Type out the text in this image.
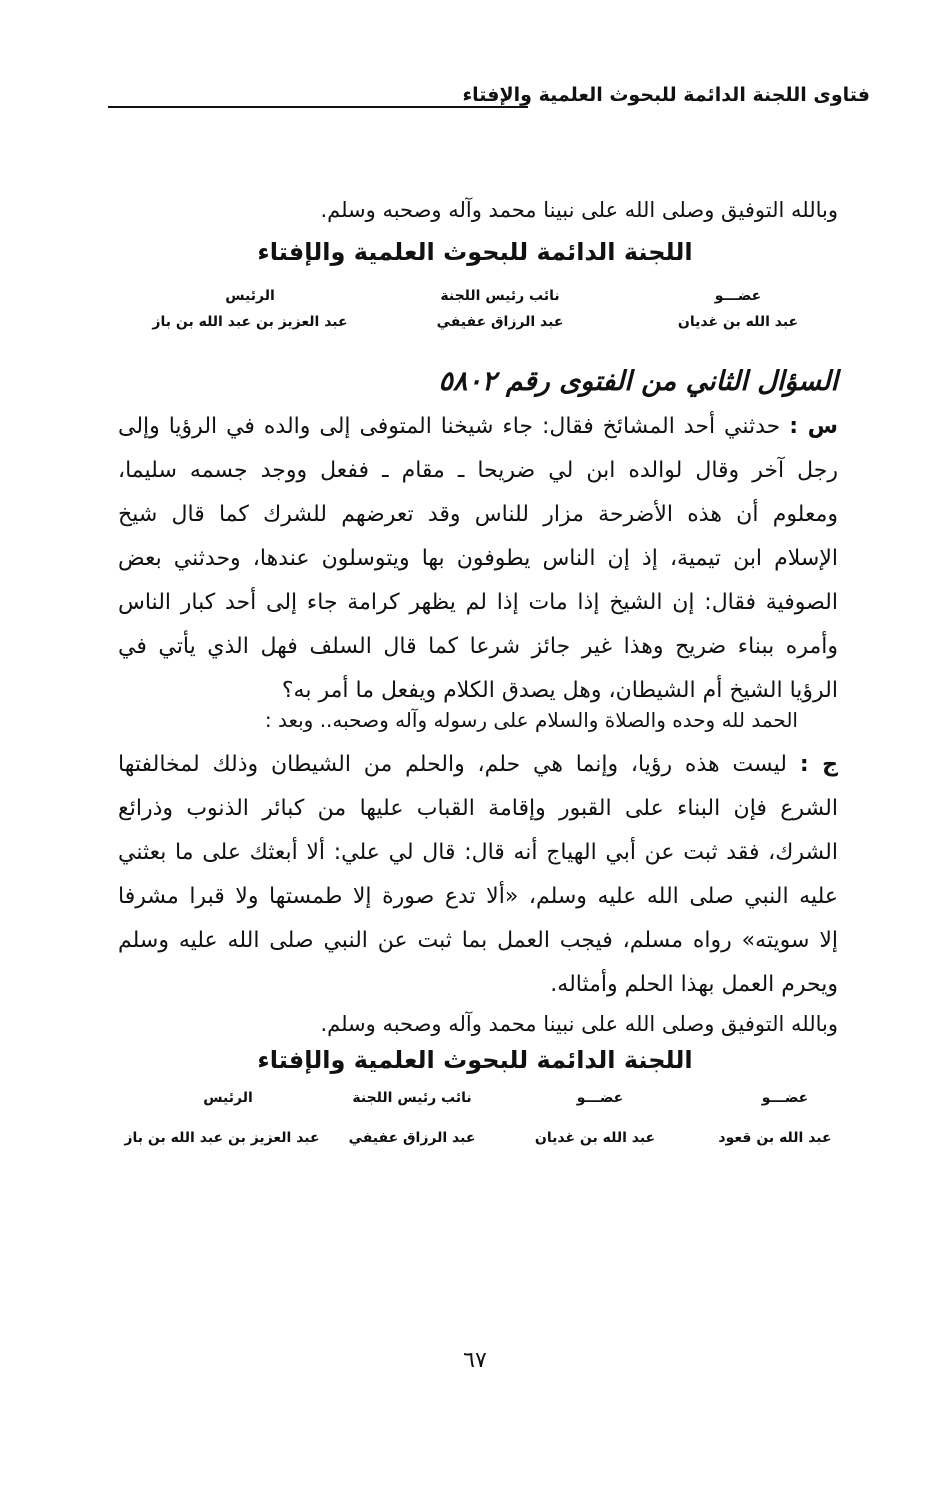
فتاوى اللجنة الدائمة للبحوث العلمية والإفتاء
وبالله التوفيق وصلى الله على نبينا محمد وآله وصحبه وسلم.
اللجنة الدائمة للبحوث العلمية والإفتاء
عضـــو
عبد الله بن غديان
نائب رئيس اللجنة
عبد الرزاق عفيفي
الرئيس
عبد العزيز بن عبد الله بن باز
السؤال الثاني من الفتوى رقم ٥٨٠٢
س : حدثني أحد المشائخ فقال: جاء شيخنا المتوفى إلى والده في الرؤيا وإلى
رجل آخر وقال لوالده ابن لي ضريحا ـ مقام ـ ففعل ووجد جسمه سليما،
ومعلوم أن هذه الأضرحة مزار للناس وقد تعرضهم للشرك كما قال شيخ
الإسلام ابن تيمية، إذ إن الناس يطوفون بها ويتوسلون عندها، وحدثني بعض
الصوفية فقال: إن الشيخ إذا مات إذا لم يظهر كرامة جاء إلى أحد كبار الناس
وأمره ببناء ضريح وهذا غير جائز شرعا كما قال السلف فهل الذي يأتي في
الرؤيا الشيخ أم الشيطان، وهل يصدق الكلام ويفعل ما أمر به؟
الحمد لله وحده والصلاة والسلام على رسوله وآله وصحبه.. وبعد :
ج : ليست هذه رؤيا، وإنما هي حلم، والحلم من الشيطان وذلك لمخالفتها
الشرع فإن البناء على القبور وإقامة القباب عليها من كبائر الذنوب وذرائع
الشرك، فقد ثبت عن أبي الهياج أنه قال: قال لي علي: ألا أبعثك على ما بعثني
عليه النبي صلى الله عليه وسلم، «ألا تدع صورة إلا طمستها ولا قبرا مشرفا
إلا سويته» رواه مسلم، فيجب العمل بما ثبت عن النبي صلى الله عليه وسلم
ويحرم العمل بهذا الحلم وأمثاله.
وبالله التوفيق وصلى الله على نبينا محمد وآله وصحبه وسلم.
اللجنة الدائمة للبحوث العلمية والإفتاء
عضـــو
عبد الله بن قعود
عضـــو
عبد الله بن غديان
نائب رئيس اللجنة
عبد الرزاق عفيفي
الرئيس
عبد العزيز بن عبد الله بن باز
٦٧
